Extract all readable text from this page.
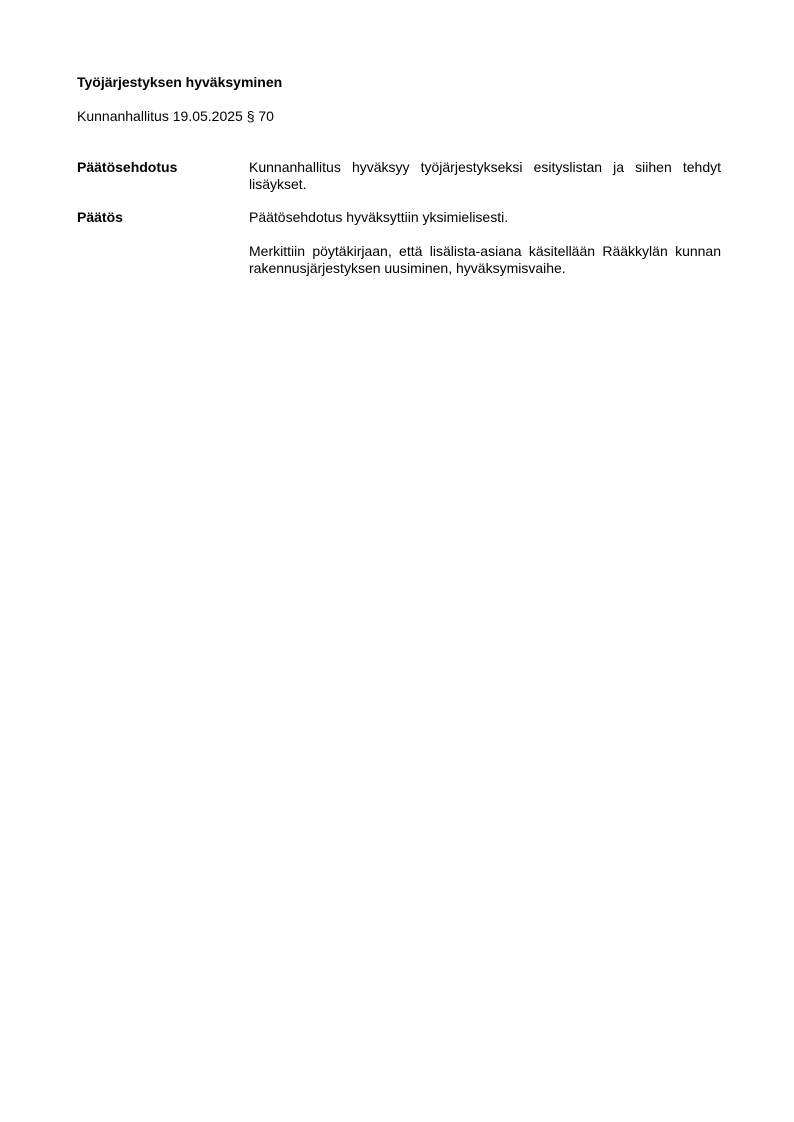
Työjärjestyksen hyväksyminen

Kunnanhallitus 19.05.2025 § 70

Päätösehdotus	Kunnanhallitus hyväksyy työjärjestykseksi esityslistan ja siihen tehdyt lisäykset.

Päätös	Päätösehdotus hyväksyttiin yksimielisesti.

Merkittiin pöytäkirjaan, että lisälista-asiana käsitellään Rääkkylän kunnan rakennusjärjestyksen uusiminen, hyväksymisvaihe.
